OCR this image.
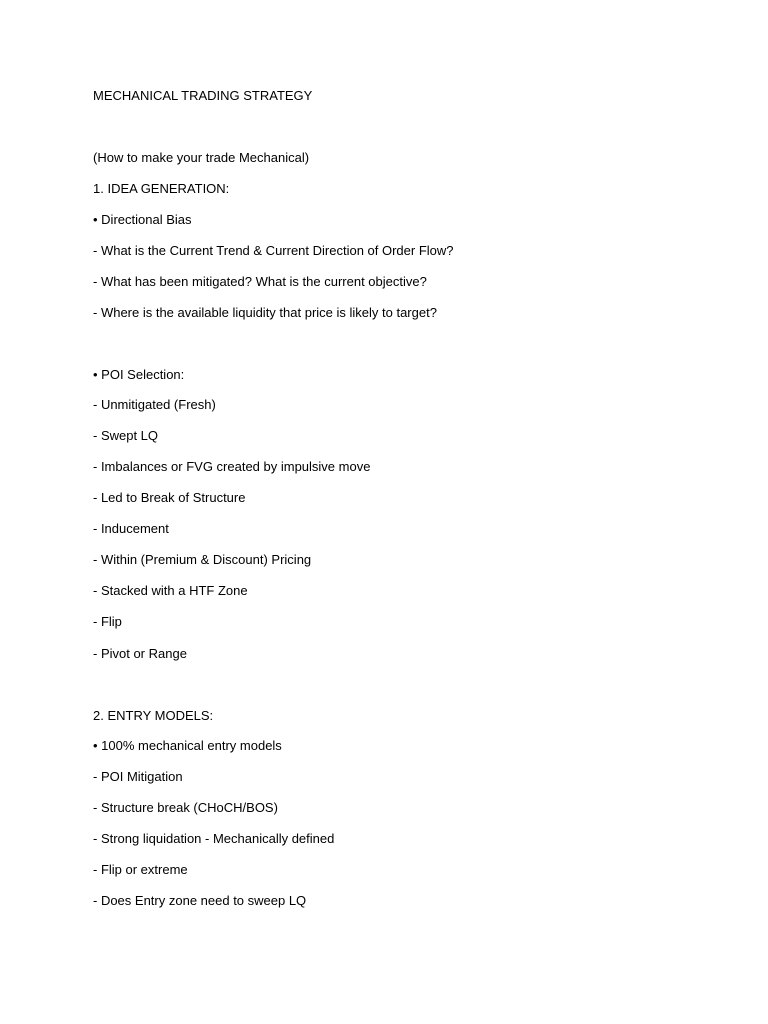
MECHANICAL TRADING STRATEGY
(How to make your trade Mechanical)
1. IDEA GENERATION:
• Directional Bias
- What is the Current Trend & Current Direction of Order Flow?
- What has been mitigated? What is the current objective?
- Where is the available liquidity that price is likely to target?
• POI Selection:
- Unmitigated (Fresh)
- Swept LQ
- Imbalances or FVG created by impulsive move
- Led to Break of Structure
- Inducement
- Within (Premium & Discount) Pricing
- Stacked with a HTF Zone
- Flip
- Pivot or Range
2. ENTRY MODELS:
• 100% mechanical entry models
- POI Mitigation
- Structure break (CHoCH/BOS)
- Strong liquidation - Mechanically defined
- Flip or extreme
- Does Entry zone need to sweep LQ
